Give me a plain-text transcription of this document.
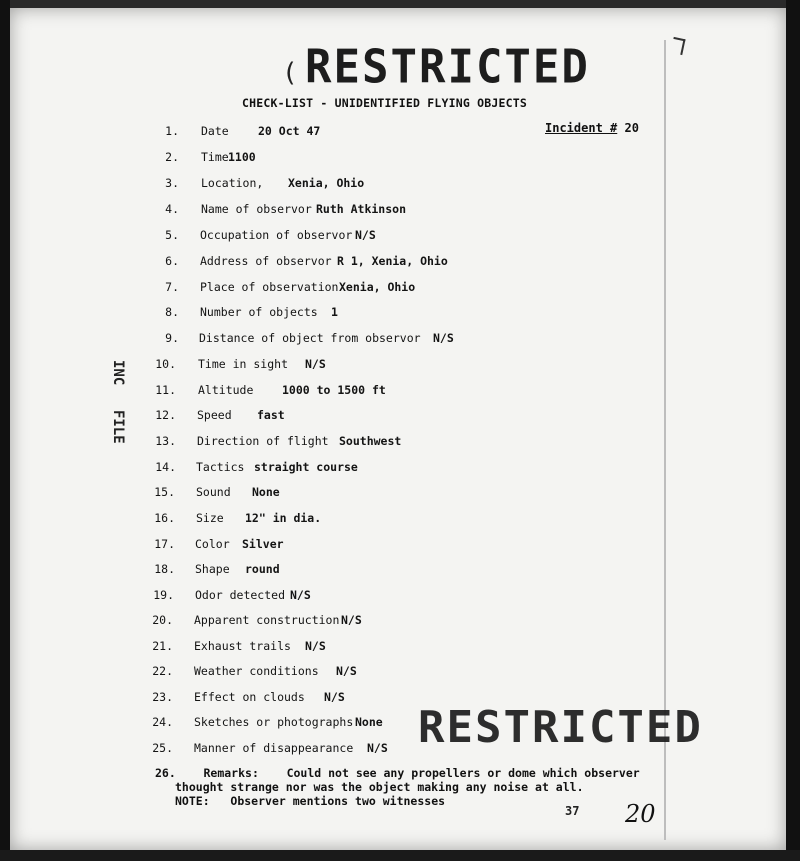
( RESTRICTED
CHECK-LIST - UNIDENTIFIED FLYING OBJECTS
Incident # 20
1. Date	20 Oct 47
2. Time 1100
3. Location, Xenia, Ohio
4. Name of observor Ruth Atkinson
5. Occupation of observor N/S
6. Address of observor R 1, Xenia, Ohio
7. Place of observation Xenia, Ohio
8. Number of objects 1
9. Distance of object from observor N/S
10. Time in sight N/S
11. Altitude 1000 to 1500 ft
12. Speed fast
13. Direction of flight Southwest
14. Tactics straight course
15. Sound None
16. Size 12" in dia.
17. Color Silver
18. Shape round
19. Odor detected N/S
20. Apparent construction N/S
21. Exhaust trails N/S
22. Weather conditions N/S
23. Effect on clouds N/S
24. Sketches or photographs None
25. Manner of disappearance N/S
26. Remarks: Could not see any propellers or dome which observer
thought strange nor was the object making any noise at all.
NOTE: Observer mentions two witnesses
RESTRICTED
INC
FILE
37 20
